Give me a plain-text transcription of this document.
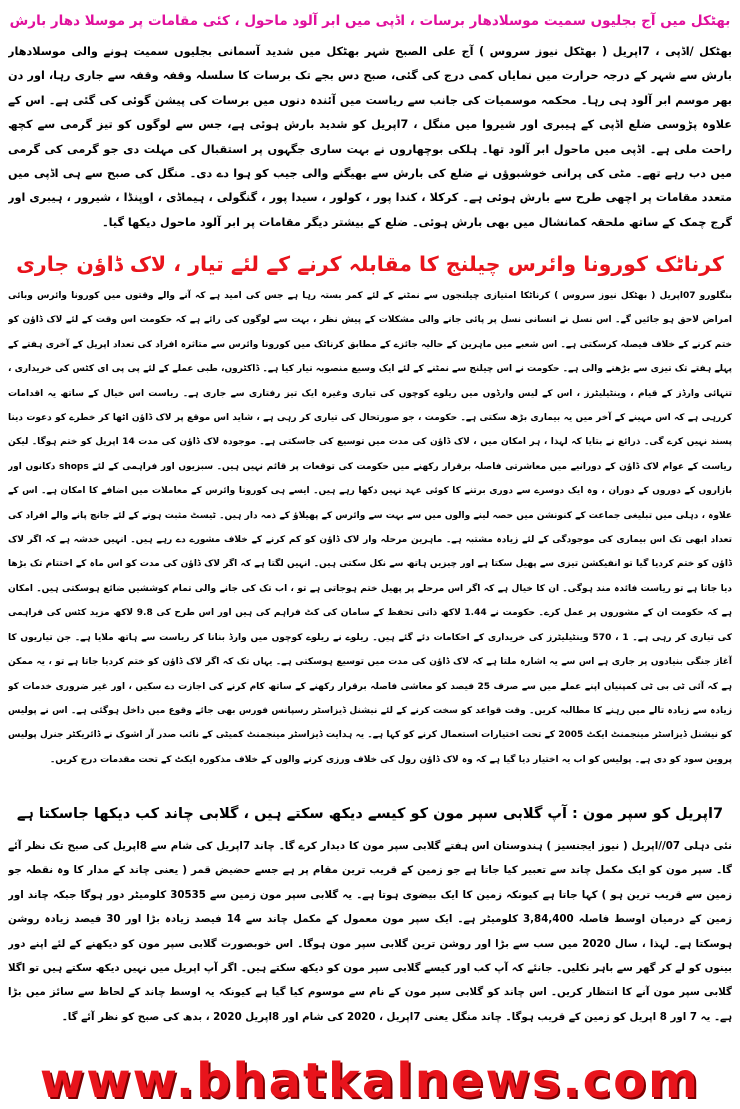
بھٹکل میں آج بجلیوں سمیت موسلادھار برسات ، اڈپی میں ابر آلود ماحول ، کئی مقامات پر موسلا دھار بارش

بھٹکل /اڈپی ، 7اپریل ( بھٹکل نیوز سروس ) آج علی الصبح شہر بھٹکل میں شدید آسمانی بجلیوں سمیت ہونے والی موسلادھار بارش سے شہر کے درجہ حرارت میں نمایاں کمی درج کی گئی، صبح دس بجے تک برسات کا سلسلہ وقفہ وقفہ سے جاری رہا، اور دن بھر موسم ابر آلود ہی رہا۔ محکمہ موسمیات کی جانب سے ریاست میں آئندہ دنوں میں برسات کی پیشن گوئی کی گئی ہے۔ اس کے علاوہ پڑوسی ضلع اڈپی کے ہیبری اور شیروا میں منگل ، 7اپریل کو شدید بارش ہوئی ہے، جس سے لوگوں کو تیز گرمی سے کچھ راحت ملی ہے۔ اڈپی میں ماحول ابر آلود تھا۔ ہلکی بوچھاروں نے بہت ساری جگہوں پر استقبال کی مہلت دی جو گرمی کی گرمی میں دب رہے تھے۔ مٹی کی پرانی خوشبوؤں نے ضلع کی بارش سے بھیگنے والی جیب کو ہوا دے دی۔ منگل کی صبح سے ہی اڈپی میں متعدد مقامات پر اچھی طرح سے بارش ہوئی ہے۔ کرکلا ، کندا پور ، کولور ، سیدا پور ، گنگولی ، ہیماڈی ، اوپنڈا ، شیرور ، ہیبری اور گرج چمک کے ساتھ ملحقہ کمانشال میں بھی بارش ہوئی۔ ضلع کے بیشتر دیگر مقامات پر ابر آلود ماحول دیکھا گیا۔

کرناٹک کورونا وائرس چیلنج کا مقابلہ کرنے کے لئے تیار ، لاک ڈاؤن جاری

بنگلورو 07اپریل ( بھٹکل نیوز سروس ) کرناٹکا امتیازی چیلنجوں سے نمٹنے کے لئے کمر بستہ رہا ہے جس کی امید ہے کہ آنے والے وقتوں میں کورونا وائرس وبائی امراض لاحق ہو جائیں گے۔ اس نسل نے انسانی نسل پر پائی جانے والی مشکلات کے پیش نظر ، بہت سے لوگوں کی رائے ہے کہ حکومت اس وقت کے لئے لاک ڈاؤن کو ختم کرنے کے خلاف فیصلہ کرسکتی ہے۔ اس شعبے میں ماہرین کے حالیہ جائزے کے مطابق کرناٹک میں کورونا وائرس سے متاثرہ افراد کی تعداد اپریل کے آخری ہفتے کے پہلے ہفتے تک تیزی سے بڑھنے والی ہے۔ حکومت نے اس چیلنج سے نمٹنے کے لئے ایک وسیع منصوبہ تیار کیا ہے۔ ڈاکٹروں، طبی عملے کے لئے پی پی ای کٹس کی خریداری ، تنہائی وارڈز کے قیام ، وینٹیلیٹرز ، اس کے لیس وارڈوں میں ریلوے کوچوں کی تیاری وغیرہ ایک تیز رفتاری سے جاری ہے۔ ریاست اس خیال کے ساتھ یہ اقدامات کررہی ہے کہ اس مہینے کے آخر میں یہ بیماری بڑھ سکتی ہے۔ حکومت ، جو صورتحال کی تیاری کر رہی ہے ، شاید اس موقع پر لاک ڈاؤن اٹھا کر خطرے کو دعوت دینا پسند نہیں کرے گی۔ ذرائع نے بتایا کہ لہذا ، ہر امکان میں ، لاک ڈاؤن کی مدت میں توسیع کی جاسکتی ہے۔ موجودہ لاک ڈاؤن کی مدت 14 اپریل کو ختم ہوگا۔ لیکن ریاست کے عوام لاک ڈاؤن کے دورانیے میں معاشرتی فاصلہ برقرار رکھنے میں حکومت کی توقعات پر قائم نہیں ہیں۔ سبزیوں اور فراہمی کے لئے shops دکانوں اور بازاروں کے دوروں کے دوران ، وہ ایک دوسرے سے دوری برتنے کا کوئی عہد نہیں دکھا رہے ہیں۔ ایسے ہی کورونا وائرس کے معاملات میں اضافے کا امکان ہے۔ اس کے علاوہ ، دہلی میں تبلیغی جماعت کے کنونشن میں حصہ لینے والوں میں سے بہت سے وائرس کے پھیلاؤ کے ذمہ دار ہیں۔ ٹیسٹ مثبت ہونے کے لئے جانچ پانے والے افراد کی تعداد ابھی تک اس بیماری کی موجودگی کے لئے زیادہ مشتبہ ہے۔ ماہرین مرحلہ وار لاک ڈاؤن کو کم کرنے کے خلاف مشورے دے رہے ہیں۔ انہیں خدشہ ہے کہ اگر لاک ڈاؤن کو ختم کردیا گیا تو انفیکشن تیزی سے پھیل سکتا ہے اور چیزیں ہاتھ سے نکل سکتی ہیں۔ انہیں لگتا ہے کہ اگر لاک ڈاؤن کی مدت کو اس ماہ کے اختتام تک بڑھا دیا جاتا ہے تو ریاست فائدہ مند ہوگی۔ ان کا خیال ہے کہ اگر اس مرحلے پر پھیل ختم ہوجاتی ہے تو ، اب تک کی جانے والی تمام کوششیں ضائع ہوسکتی ہیں۔ امکان ہے کہ حکومت ان کے مشوروں پر عمل کرے۔ حکومت نے 1.44 لاکھ ذاتی تحفظ کے سامان کی کٹ فراہم کی ہیں اور اس طرح کی 9.8 لاکھ مزید کٹس کی فراہمی کی تیاری کر رہی ہے۔ 1 ، 570 وینٹیلیٹرز کی خریداری کے احکامات دئے گئے ہیں۔ ریلوے نے ریلوے کوچوں میں وارڈ بنانا کر ریاست سے ہاتھ ملایا ہے۔ جن تیاریوں کا آغاز جنگی بنیادوں پر جاری ہے اس سے یہ اشارہ ملتا ہے کہ لاک ڈاؤن کی مدت میں توسیع ہوسکتی ہے۔ یہاں تک کہ اگر لاک ڈاؤن کو ختم کردیا جاتا ہے تو ، یہ ممکن ہے کہ آئی ٹی بی ٹی کمپنیاں اپنے عملے میں سے صرف 25 فیصد کو معاشی فاصلہ برقرار رکھنے کے ساتھ کام کرنے کی اجازت دے سکیں ، اور غیر ضروری خدمات کو زیادہ سے زیادہ تالے میں رہنے کا مطالبہ کریں۔ وقت قواعد کو سخت کرنے کے لئے نیشنل ڈیزاسٹر رسپانس فورس بھی جائے وقوع میں داخل ہوگئی ہے۔ اس نے پولیس کو نیشنل ڈیزاسٹر مینجمنٹ ایکٹ 2005 کے تحت اختیارات استعمال کرنے کو کہا ہے۔ یہ ہدایت ڈیزاسٹر مینجمنٹ کمیٹی کے نائب صدر آر اشوک نے ڈائریکٹر جنرل پولیس پروین سود کو دی ہے۔ پولیس کو اب یہ اختیار دیا گیا ہے کہ وہ لاک ڈاؤن رول کی خلاف ورزی کرنے والوں کے خلاف مذکورہ ایکٹ کے تحت مقدمات درج کریں۔

7اپریل کو سپر مون : آپ گلابی سپر مون کو کیسے دیکھ سکتے ہیں ، گلابی چاند کب دیکھا جاسکتا ہے

نئی دہلی 07//اپریل ( نیوز ایجنسیز ) ہندوستان اس ہفتے گلابی سپر مون کا دیدار کرے گا۔ چاند 7اپریل کی شام سے 8اپریل کی صبح تک نظر آئے گا۔ سپر مون کو ایک مکمل چاند سے تعبیر کیا جاتا ہے جو زمین کے قریب ترین مقام پر ہے جسے حضیض قمر ( یعنی چاند کے مدار کا وہ نقطہ جو زمین سے قریب ترین ہو ) کہا جاتا ہے کیونکہ زمین کا ایک بیضوی ہوتا ہے۔ یہ گلابی سپر مون زمین سے 30535 کلومیٹر دور ہوگا جبکہ چاند اور زمین کے درمیان اوسط فاصلہ 3,84,400 کلومیٹر ہے۔ ایک سپر مون معمول کے مکمل چاند سے 14 فیصد زیادہ بڑا اور 30 فیصد زیادہ روشن ہوسکتا ہے۔ لہذا ، سال 2020 میں سب سے بڑا اور روشن ترین گلابی سپر مون ہوگا۔ اس خوبصورت گلابی سپر مون کو دیکھنے کے لئے اپنے دور بینوں کو لے کر گھر سے باہر نکلیں۔ جانئے کہ آپ کب اور کیسے گلابی سپر مون کو دیکھ سکتے ہیں۔ اگر آپ اپریل میں نہیں دیکھ سکتے ہیں تو اگلا گلابی سپر مون آنے کا انتظار کریں۔ اس چاند کو گلابی سپر مون کے نام سے موسوم کیا گیا ہے کیونکہ یہ اوسط چاند کے لحاظ سے سائز میں بڑا ہے۔ یہ 7 اور 8 اپریل کو زمین کے قریب ہوگا۔ چاند منگل یعنی 7اپریل ، 2020 کی شام اور 8اپریل 2020 ، بدھ کی صبح کو نظر آئے گا۔

www.bhatkalnews.com
